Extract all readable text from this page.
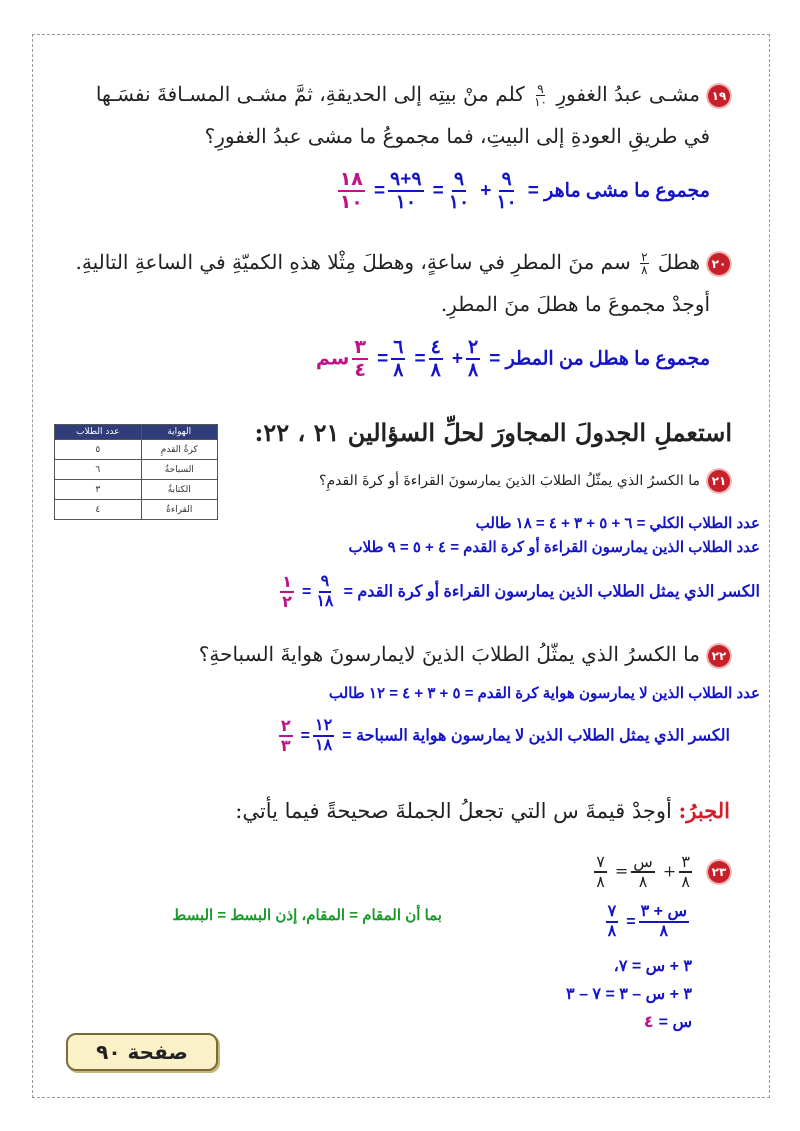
١٩مشـى عبدُ الغفورِ
٩
١٠
كلم منْ بيتِه إلى الحديقةِ، ثمَّ مشـى المسـافةَ نفسَـها
في طريقِ العودةِ إلى البيتِ، فما مجموعُ ما مشى عبدُ الغفورِ؟
مجموع ما مشى ماهر =
$\frac{٩}{١٠}$
+
$\frac{٩}{١٠}$
=
$\frac{٩+٩}{١٠}$
=
$\frac{١٨}{١٠}$
٢٠هطلَ
٢
٨
سم منَ المطرِ في ساعةٍ، وهطلَ مِثْلا هذهِ الكميّةِ في الساعةِ التاليةِ.
أوجدْ مجموعَ ما هطلَ منَ المطرِ.
مجموع ما هطل من المطر =
$\frac{٢}{٨}$
+
$\frac{٤}{٨}$
=
$\frac{٦}{٨}$
=
$\frac{٣}{٤}$
سم
استعملِ الجدولَ المجاورَ لحلِّ السؤالين ٢١ ، ٢٢:
الهواية	عدد الطلاب
كرةُ القدمِ	٥
السباحةُ	٦
الكتابةُ	٣
القراءةُ	٤
٢١ما الكسرُ الذي يمثّلُ الطلابَ الذينَ يمارسونَ القراءةَ أو كرةَ القدمِ؟
عدد الطلاب الكلي = ٦ + ٥ + ٣ + ٤ = ١٨ طالب
عدد الطلاب الذين يمارسون القراءة أو كرة القدم = ٤ + ٥ = ٩ طلاب
الكسر الذي يمثل الطلاب الذين يمارسون القراءة أو كرة القدم =
$\frac{٩}{١٨}$
=
$\frac{١}{٢}$
٢٢ما الكسرُ الذي يمثّلُ الطلابَ الذينَ لايمارسونَ هوايةَ السباحةِ؟
عدد الطلاب الذين لا يمارسون هواية كرة القدم = ٥ + ٣ + ٤ = ١٢ طالب
الكسر الذي يمثل الطلاب الذين لا يمارسون هواية السباحة =
$\frac{١٢}{١٨}$
=
$\frac{٢}{٣}$
الجبرُ: أوجدْ قيمةَ س التي تجعلُ الجملةَ صحيحةً فيما يأتي:
٢٣
$\frac{٣}{٨}$
+
$\frac{\text{س}}{٨}$
=
$\frac{٧}{٨}$
$\frac{\text{س + ٣}}{٨}$
=
$\frac{٧}{٨}$
بما أن المقام = المقام، إذن البسط = البسط
٣ + س = ٧،
٣ + س – ٣ = ٧ – ٣
س = ٤
صفحة ٩٠
